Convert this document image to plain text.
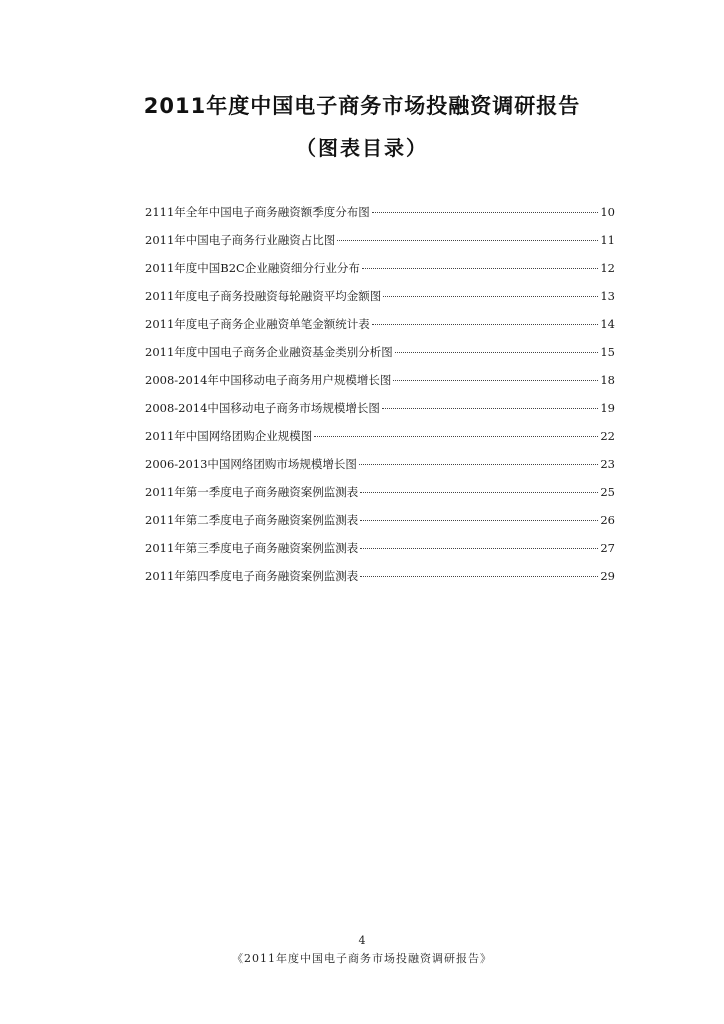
2011年度中国电子商务市场投融资调研报告
（图表目录）
2111年全年中国电子商务融资额季度分布图	10
2011年中国电子商务行业融资占比图	11
2011年度中国B2C企业融资细分行业分布	12
2011年度电子商务投融资每轮融资平均金额图	13
2011年度电子商务企业融资单笔金额统计表	14
2011年度中国电子商务企业融资基金类别分析图	15
2008-2014年中国移动电子商务用户规模增长图	18
2008-2014中国移动电子商务市场规模增长图	19
2011年中国网络团购企业规模图	22
2006-2013中国网络团购市场规模增长图	23
2011年第一季度电子商务融资案例监测表	25
2011年第二季度电子商务融资案例监测表	26
2011年第三季度电子商务融资案例监测表	27
2011年第四季度电子商务融资案例监测表	29
4
《2011年度中国电子商务市场投融资调研报告》
